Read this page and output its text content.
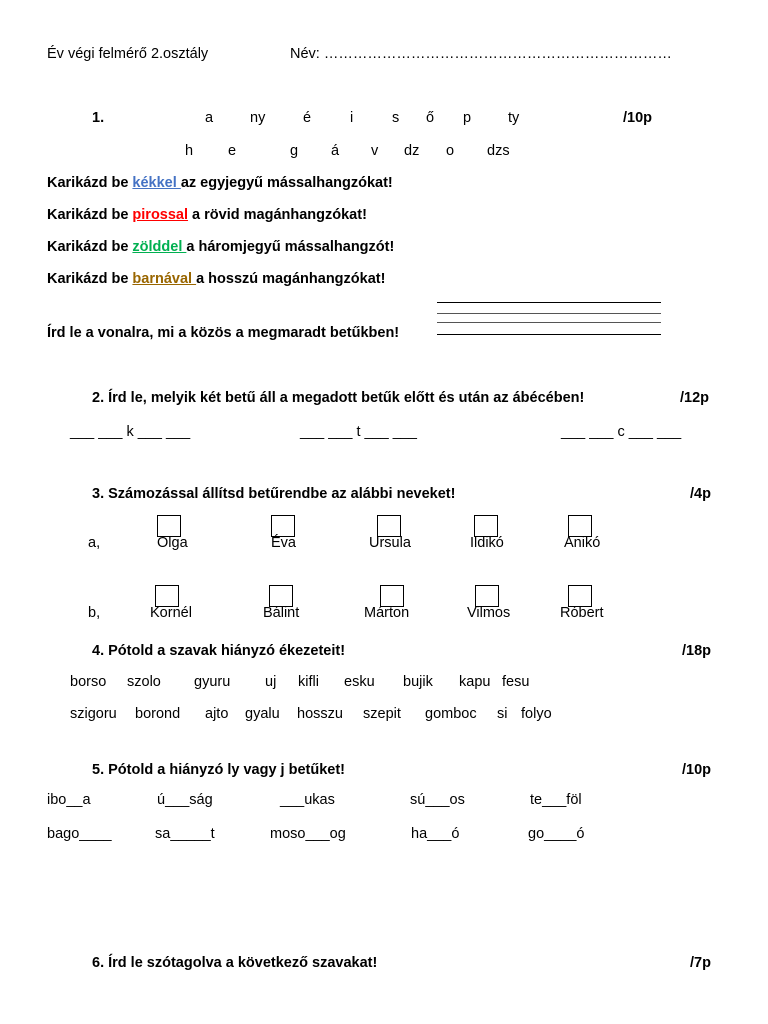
Év végi felmérő 2.osztály	Név: ………………………………………………………………
1.	/10p
a	ny	é	i	s ő p	ty
h e	g á v dz o dzs
Karikázd be kékkel az egyjegyű mássalhangzókat!
Karikázd be pirossal a rövid magánhangzókat!
Karikázd be zölddel a háromjegyű mássalhangzót!
Karikázd be barnával a hosszú magánhangzókat!
Írd le a vonalra, mi a közös a megmaradt betűkben!
2. Írd le, melyik két betű áll a megadott betűk előtt és után az ábécében!	/12p
___ ___ k ___ ___	___ ___ t ___ ___	___ ___ c ___ ___
3. Számozással állítsd betűrendbe az alábbi neveket!	/4p
a,
b,
Olga	Éva	Ursula	Ildikó	Anikó
Kornél	Bálint	Márton	Vilmos	Róbert
4. Pótold a szavak hiányzó ékezeteit!	/18p
borso szolo gyuru uj kifli esku bujik kapu fesu
szigoru borond ajto gyalu hosszu szepit gomboc si folyo
5. Pótold a hiányzó ly vagy j betűket!	/10p
ibo__a	ú___ság	___ukas	sú___os	te___föl
bago____	sa_____t	moso___og	ha___ó	go____ó
6. Írd le szótagolva a következő szavakat!	/7p
